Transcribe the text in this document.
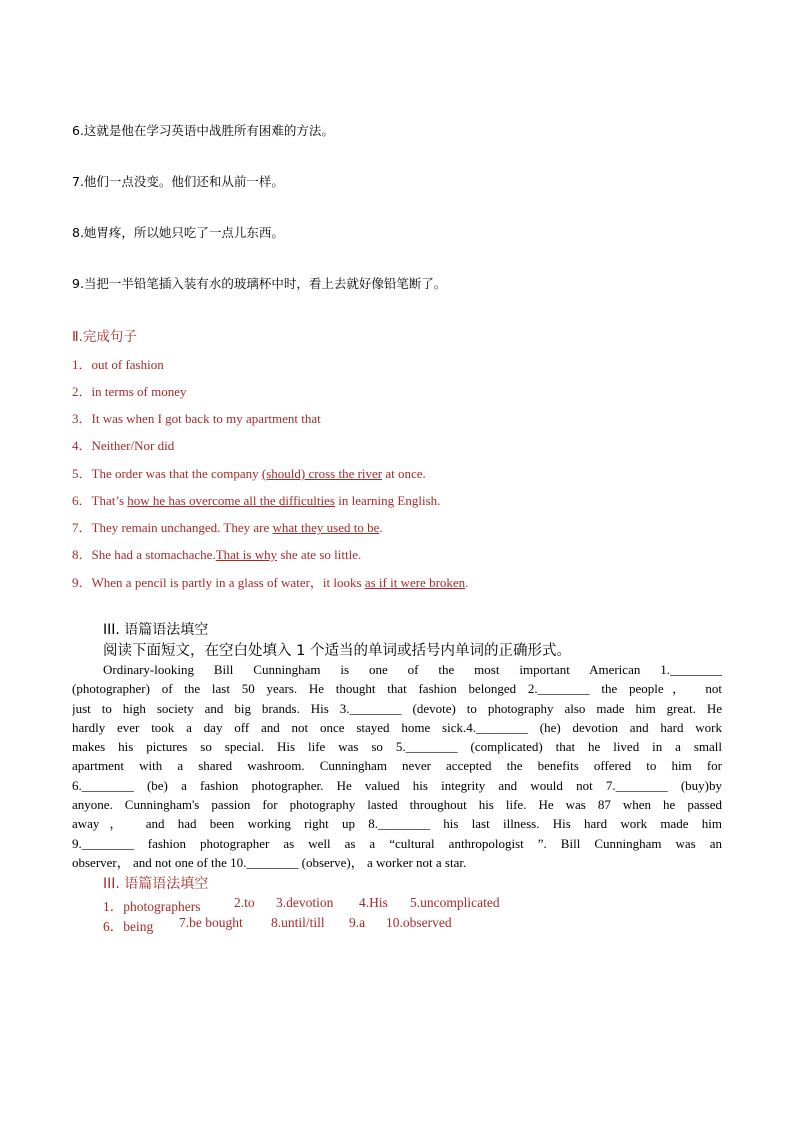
6.这就是他在学习英语中战胜所有困难的方法。
7.他们一点没变。他们还和从前一样。
8.她胃疼，所以她只吃了一点儿东西。
9.当把一半铅笔插入装有水的玻璃杯中时，看上去就好像铅笔断了。
Ⅱ.完成句子
1．out of fashion
2．in terms of money
3．It was when I got back to my apartment that
4．Neither/Nor did
5．The order was that the company (should) cross the river at once.
6．That’s how he has overcome all the difficulties in learning English.
7．They remain unchanged. They are what they used to be.
8．She had a stomachache.That is why she ate so little.
9．When a pencil is partly in a glass of water，it looks as if it were broken.
III. 语篇语法填空
阅读下面短文，在空白处填入 1 个适当的单词或括号内单词的正确形式。
Ordinary-looking Bill Cunningham is one of the most important American 1.________
(photographer) of the last 50 years. He thought that fashion belonged 2.________ the people， not
just to high society and big brands. His 3.________ (devote) to photography also made him great. He
hardly ever took a day off and not once stayed home sick.4.________ (he) devotion and hard work
makes his pictures so special. His life was so 5.________ (complicated) that he lived in a small
apartment with a shared washroom. Cunningham never accepted the benefits offered to him for
6.________ (be) a fashion photographer. He valued his integrity and would not 7.________ (buy)by
anyone. Cunningham's passion for photography lasted throughout his life. He was 87 when he passed
away， and had been working right up 8.________ his last illness. His hard work made him
9.________ fashion photographer as well as a “cultural anthropologist ”. Bill Cunningham was an
observer， and not one of the 10.________ (observe)， a worker not a star.
III. 语篇语法填空
1．photographers 2.to 3.devotion 4.His 5.uncomplicated
6．being 7.be bought 8.until/till 9.a 10.observed
